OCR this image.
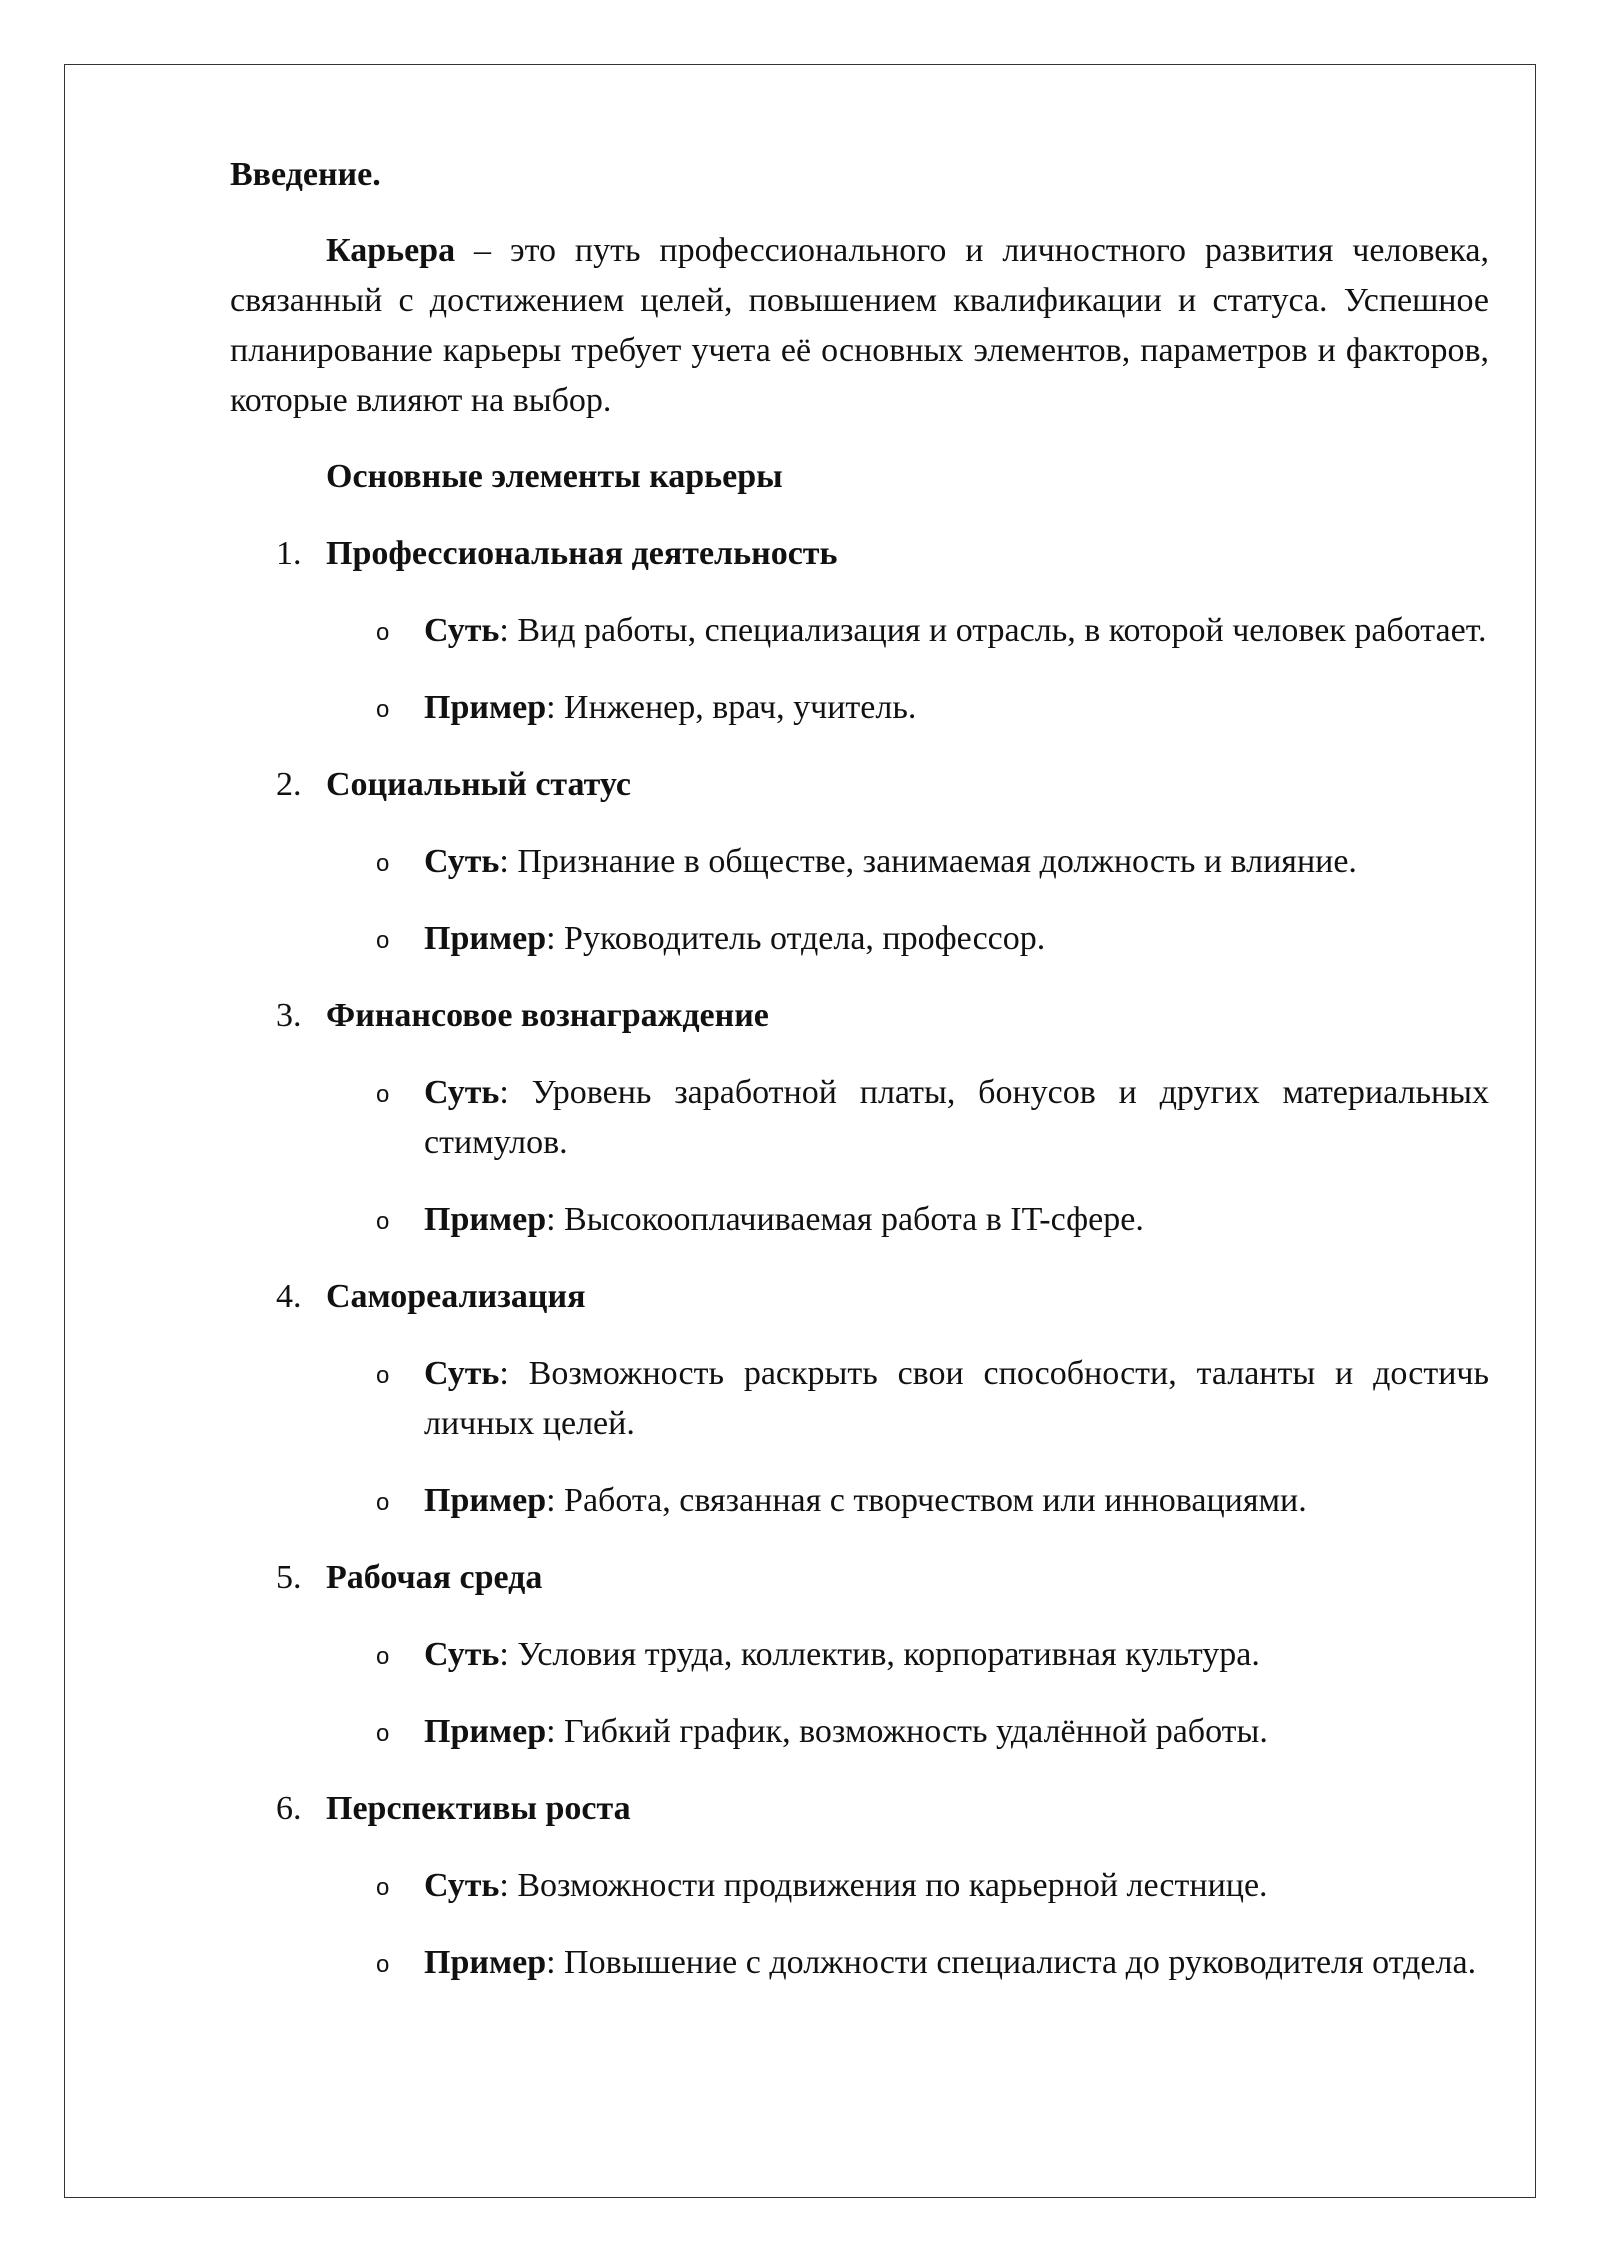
Введение.

Карьера – это путь профессионального и личностного развития человека, связанный с достижением целей, повышением квалификации и статуса. Успешное планирование карьеры требует учета её основных элементов, параметров и факторов, которые влияют на выбор.

Основные элементы карьеры

1. Профессиональная деятельность
o Суть: Вид работы, специализация и отрасль, в которой человек работает.
o Пример: Инженер, врач, учитель.
2. Социальный статус
o Суть: Признание в обществе, занимаемая должность и влияние.
o Пример: Руководитель отдела, профессор.
3. Финансовое вознаграждение
o Суть: Уровень заработной платы, бонусов и других материальных стимулов.
o Пример: Высокооплачиваемая работа в IT-сфере.
4. Самореализация
o Суть: Возможность раскрыть свои способности, таланты и достичь личных целей.
o Пример: Работа, связанная с творчеством или инновациями.
5. Рабочая среда
o Суть: Условия труда, коллектив, корпоративная культура.
o Пример: Гибкий график, возможность удалённой работы.
6. Перспективы роста
o Суть: Возможности продвижения по карьерной лестнице.
o Пример: Повышение с должности специалиста до руководителя отдела.
